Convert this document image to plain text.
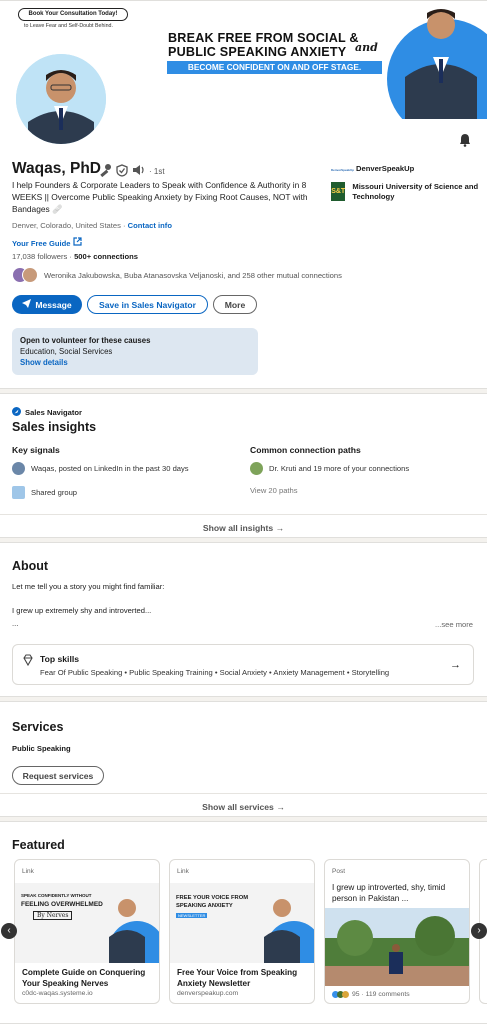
Book Your Consultation Today!
to Leave Fear and Self-Doubt Behind.
BREAK FREE FROM SOCIAL &
PUBLIC SPEAKING ANXIETY and
BECOME CONFIDENT ON AND OFF STAGE.
Waqas, PhD	· 1st
I help Founders & Corporate Leaders to Speak with Confidence & Authority in 8 WEEKS || Overcome Public Speaking Anxiety by Fixing Root Causes, NOT with Bandages 🩹
Denver, Colorado, United States · Contact info
Your Free Guide
17,038 followers · 500+ connections
Weronika Jakubowska, Buba Atanasovska Veljanoski, and 258 other mutual connections
Message	Save in Sales Navigator	More
Open to volunteer for these causes
Education, Social Services
Show details
DenverSpeakUp DenverSpeakUp
S&T
Missouri University of Science and Technology
Sales Navigator
Sales insights
Key signals
Waqas, posted on LinkedIn in the past 30 days
Shared group
Common connection paths
Dr. Kruti and 19 more of your connections
View 20 paths
Show all insights →
About
Let me tell you a story you might find familiar:
I grew up extremely shy and introverted...
...	...see more
Top skills
Fear Of Public Speaking • Public Speaking Training • Social Anxiety • Anxiety Management • Storytelling
→
Services
Public Speaking
Request services
Show all services →
Featured
Link
SPEAK CONFIDENTLY WITHOUT
FEELING OVERWHELMED
By Nerves
Complete Guide on Conquering Your Speaking Nerves
c0dc-waqas.systeme.io
Link
FREE YOUR VOICE FROM
SPEAKING ANXIETY
NEWSLETTER
Free Your Voice from Speaking Anxiety Newsletter
denverspeakup.com
Post
I grew up introverted, shy, timid person in Pakistan ...
95 · 119 comments
‹	›
